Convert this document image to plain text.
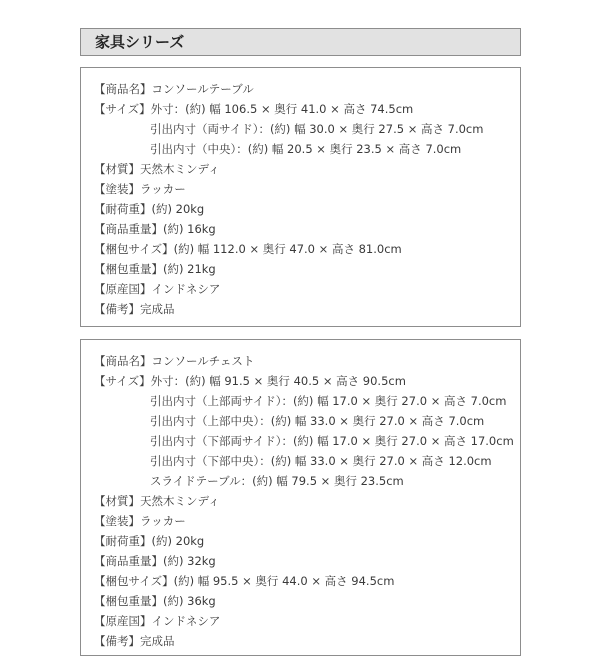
家具シリーズ
【商品名】コンソールテーブル
【サイズ】外寸：(約) 幅 106.5 × 奥行 41.0 × 高さ 74.5cm
引出内寸（両サイド）：(約) 幅 30.0 × 奥行 27.5 × 高さ 7.0cm
引出内寸（中央）：(約) 幅 20.5 × 奥行 23.5 × 高さ 7.0cm
【材質】天然木ミンディ
【塗装】ラッカー
【耐荷重】(約) 20kg
【商品重量】(約) 16kg
【梱包サイズ】(約) 幅 112.0 × 奥行 47.0 × 高さ 81.0cm
【梱包重量】(約) 21kg
【原産国】インドネシア
【備考】完成品
【商品名】コンソールチェスト
【サイズ】外寸：(約) 幅 91.5 × 奥行 40.5 × 高さ 90.5cm
引出内寸（上部両サイド）：(約) 幅 17.0 × 奥行 27.0 × 高さ 7.0cm
引出内寸（上部中央）：(約) 幅 33.0 × 奥行 27.0 × 高さ 7.0cm
引出内寸（下部両サイド）：(約) 幅 17.0 × 奥行 27.0 × 高さ 17.0cm
引出内寸（下部中央）：(約) 幅 33.0 × 奥行 27.0 × 高さ 12.0cm
スライドテーブル：(約) 幅 79.5 × 奥行 23.5cm
【材質】天然木ミンディ
【塗装】ラッカー
【耐荷重】(約) 20kg
【商品重量】(約) 32kg
【梱包サイズ】(約) 幅 95.5 × 奥行 44.0 × 高さ 94.5cm
【梱包重量】(約) 36kg
【原産国】インドネシア
【備考】完成品
